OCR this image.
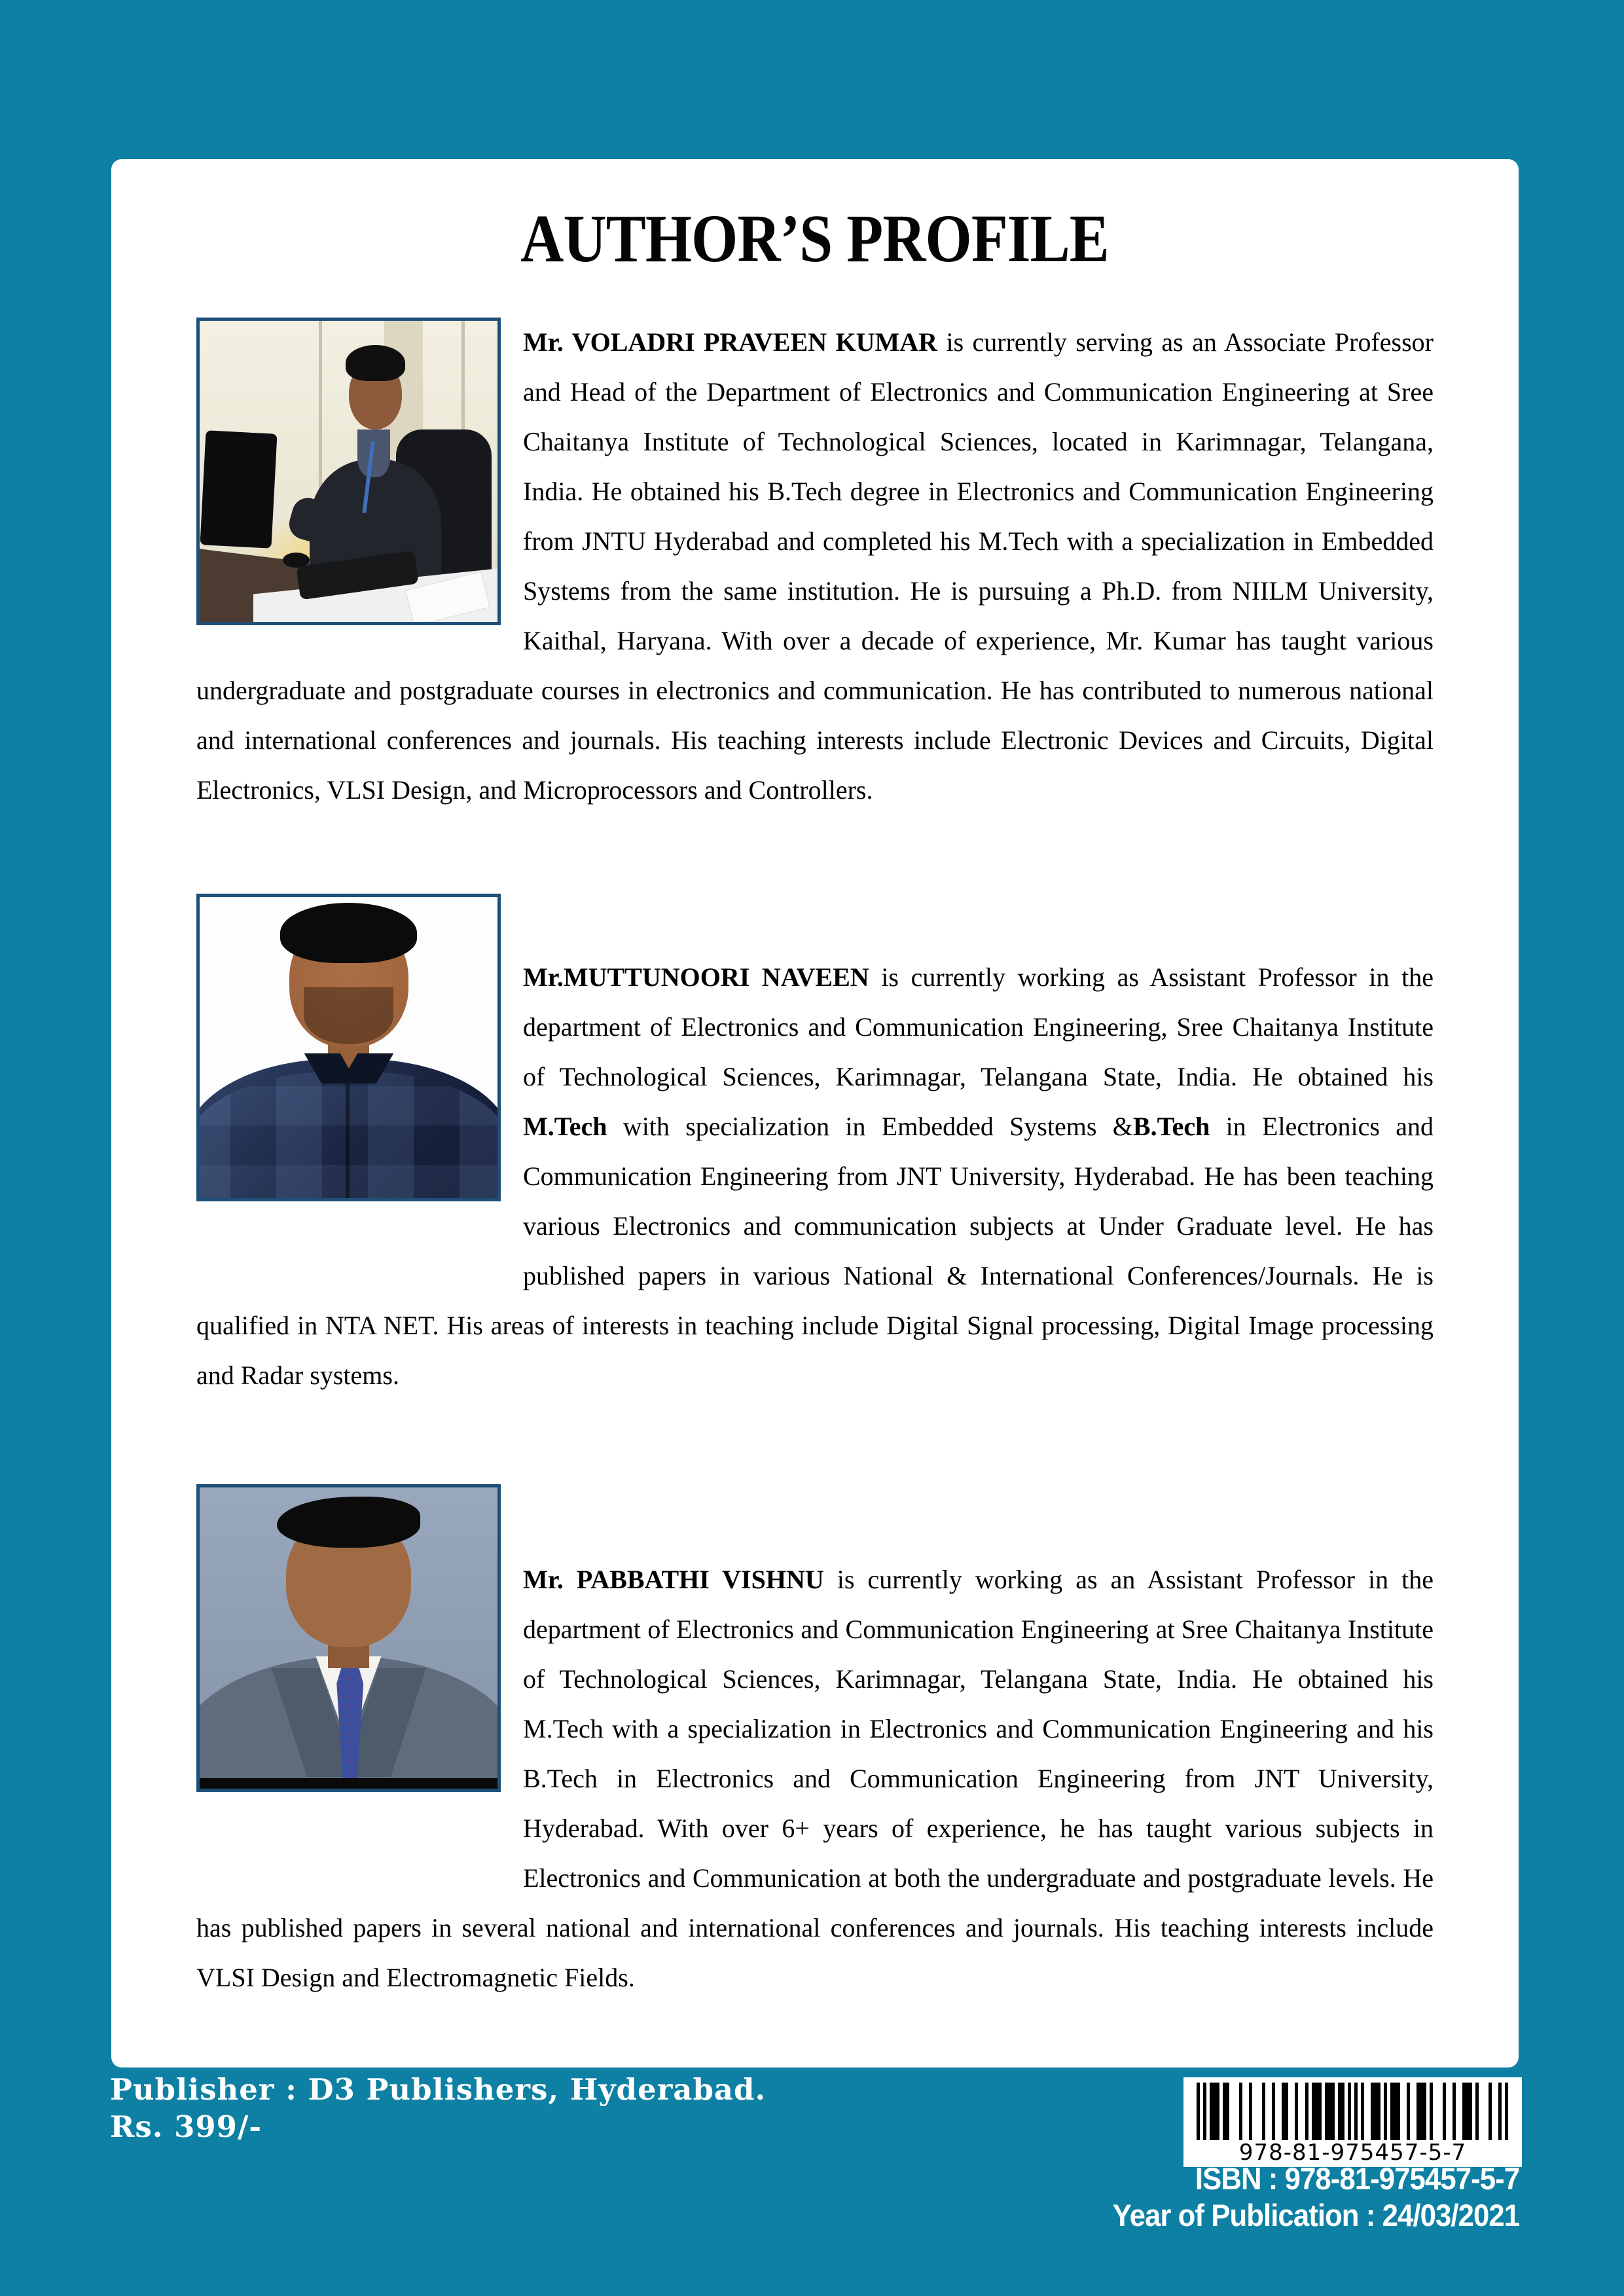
AUTHOR’S PROFILE

Mr. VOLADRI PRAVEEN KUMAR is currently serving as an Associate Professor and Head of the Department of Electronics and Communication Engineering at Sree Chaitanya Institute of Technological Sciences, located in Karimnagar, Telangana, India. He obtained his B.Tech degree in Electronics and Communication Engineering from JNTU Hyderabad and completed his M.Tech with a specialization in Embedded Systems from the same institution. He is pursuing a Ph.D. from NIILM University, Kaithal, Haryana. With over a decade of experience, Mr. Kumar has taught various undergraduate and postgraduate courses in electronics and communication. He has contributed to numerous national and international conferences and journals. His teaching interests include Electronic Devices and Circuits, Digital Electronics, VLSI Design, and Microprocessors and Controllers.

Mr.MUTTUNOORI NAVEEN is currently working as Assistant Professor in the department of Electronics and Communication Engineering, Sree Chaitanya Institute of Technological Sciences, Karimnagar, Telangana State, India. He obtained his M.Tech with specialization in Embedded Systems &B.Tech in Electronics and Communication Engineering from JNT University, Hyderabad. He has been teaching various Electronics and communication subjects at Under Graduate level. He has published papers in various National & International Conferences/Journals. He is qualified in NTA NET. His areas of interests in teaching include Digital Signal processing, Digital Image processing and Radar systems.

Mr. PABBATHI VISHNU is currently working as an Assistant Professor in the department of Electronics and Communication Engineering at Sree Chaitanya Institute of Technological Sciences, Karimnagar, Telangana State, India. He obtained his M.Tech with a specialization in Electronics and Communication Engineering and his B.Tech in Electronics and Communication Engineering from JNT University, Hyderabad. With over 6+ years of experience, he has taught various subjects in Electronics and Communication at both the undergraduate and postgraduate levels. He has published papers in several national and international conferences and journals. His teaching interests include VLSI Design and Electromagnetic Fields.

Publisher : D3 Publishers, Hyderabad.
Rs. 399/-
978-81-975457-5-7
ISBN : 978-81-975457-5-7
Year of Publication : 24/03/2021
